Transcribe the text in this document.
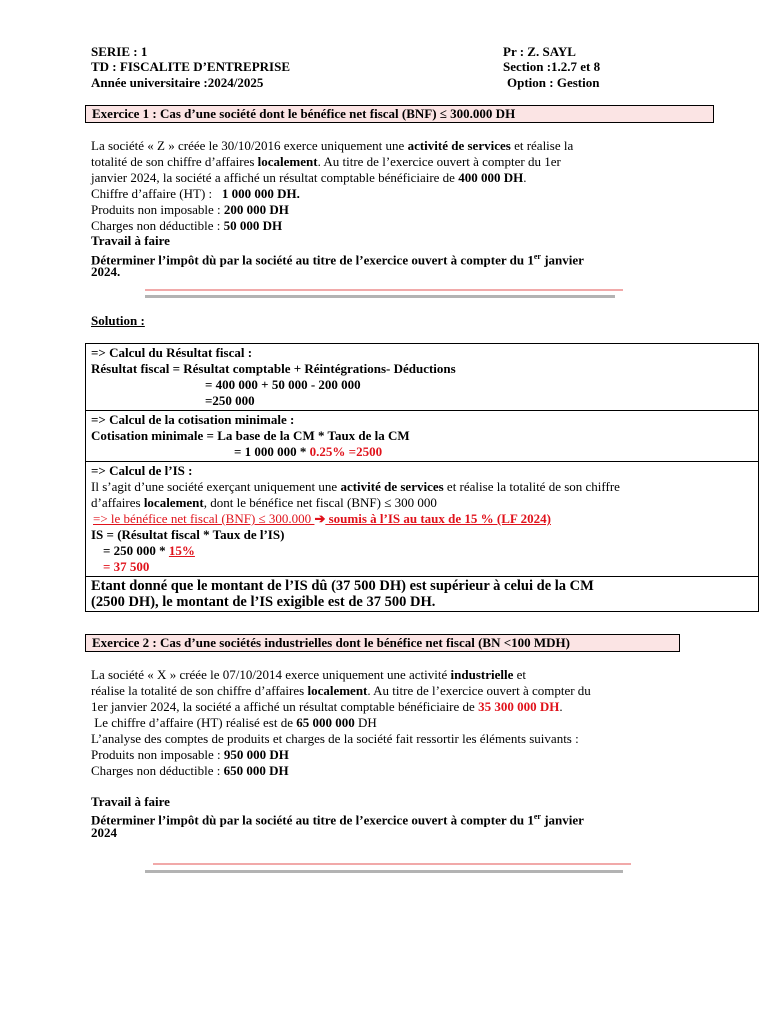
SERIE : 1	Pr : Z. SAYL
TD : FISCALITE D’ENTREPRISE	Section :1.2.7 et 8
Année universitaire :2024/2025	Option : Gestion
Exercice 1 : Cas d’une société dont le bénéfice net fiscal (BNF) ≤ 300.000 DH
La société « Z » créée le 30/10/2016 exerce uniquement une activité de services et réalise la
totalité de son chiffre d’affaires localement. Au titre de l’exercice ouvert à compter du 1er
janvier 2024, la société a affiché un résultat comptable bénéficiaire de 400 000 DH.
Chiffre d’affaire (HT) :   1 000 000 DH.
Produits non imposable : 200 000 DH
Charges non déductible : 50 000 DH
Travail à faire
Déterminer l’impôt dù par la société au titre de l’exercice ouvert à compter du 1er janvier
2024.
Solution :
=> Calcul du Résultat fiscal :
Résultat fiscal = Résultat comptable + Réintégrations- Déductions
= 400 000 + 50 000 - 200 000
=250 000
=> Calcul de la cotisation minimale :
Cotisation minimale = La base de la CM * Taux de la CM
= 1 000 000 * 0.25% =2500
=> Calcul de l’IS :
Il s’agit d’une société exerçant uniquement une activité de services et réalise la totalité de son chiffre
d’affaires localement, dont le bénéfice net fiscal (BNF) ≤ 300 000
=> le bénéfice net fiscal (BNF) ≤ 300.000 ➔ soumis à l’IS au taux de 15 % (LF 2024)
IS = (Résultat fiscal * Taux de l’IS)
= 250 000 * 15%
= 37 500
Etant donné que le montant de l’IS dû (37 500 DH) est supérieur à celui de la CM
(2500 DH), le montant de l’IS exigible est de 37 500 DH.
Exercice 2 : Cas d’une sociétés industrielles dont le bénéfice net fiscal (BN <100 MDH)
La société « X » créée le 07/10/2014 exerce uniquement une activité industrielle et
réalise la totalité de son chiffre d’affaires localement. Au titre de l’exercice ouvert à compter du
1er janvier 2024, la société a affiché un résultat comptable bénéficiaire de 35 300 000 DH.
Le chiffre d’affaire (HT) réalisé est de 65 000 000 DH
L’analyse des comptes de produits et charges de la société fait ressortir les éléments suivants :
Produits non imposable : 950 000 DH
Charges non déductible : 650 000 DH
Travail à faire
Déterminer l’impôt dù par la société au titre de l’exercice ouvert à compter du 1er janvier
2024
